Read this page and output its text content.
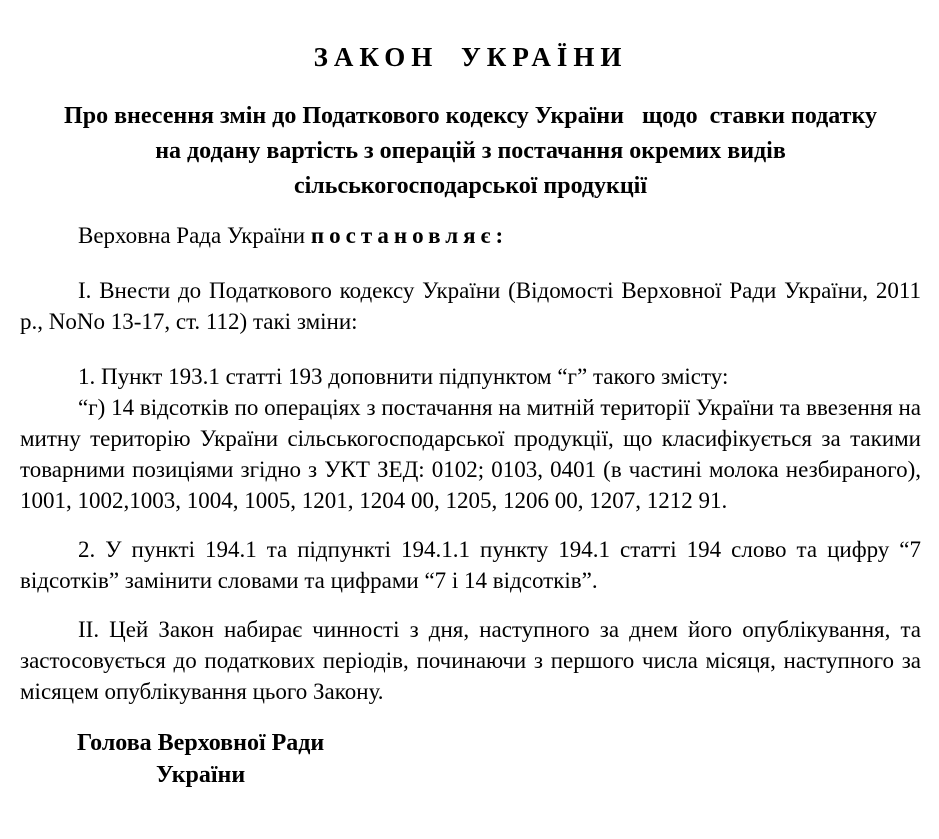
ЗАКОН УКРАЇНИ
Про внесення змін до Податкового кодексу України   щодо  ставки податку
на додану вартість з операцій з постачання окремих видів
сільськогосподарської продукції

Верховна Рада України постановляє:

I. Внести до Податкового кодексу України (Відомості Верховної Ради України, 2011 р., NoNo 13-17, ст. 112) такі зміни:

1. Пункт 193.1 статті 193 доповнити підпунктом “г” такого змісту:

“г) 14 відсотків по операціях з постачання на митній території України та ввезення на митну територію України сільськогосподарської продукції, що класифікується за такими товарними позиціями згідно з УКТ ЗЕД: 0102; 0103, 0401 (в частині молока незбираного), 1001, 1002,1003, 1004, 1005, 1201, 1204 00, 1205, 1206 00, 1207, 1212 91.

2. У пункті 194.1 та підпункті 194.1.1 пункту 194.1 статті 194 слово та цифру “7 відсотків” замінити словами та цифрами “7 і 14 відсотків”.

II. Цей Закон набирає чинності з дня, наступного за днем його опублікування, та застосовується до податкових періодів, починаючи з першого числа місяця, наступного за місяцем опублікування цього Закону.

Голова Верховної Ради
України
